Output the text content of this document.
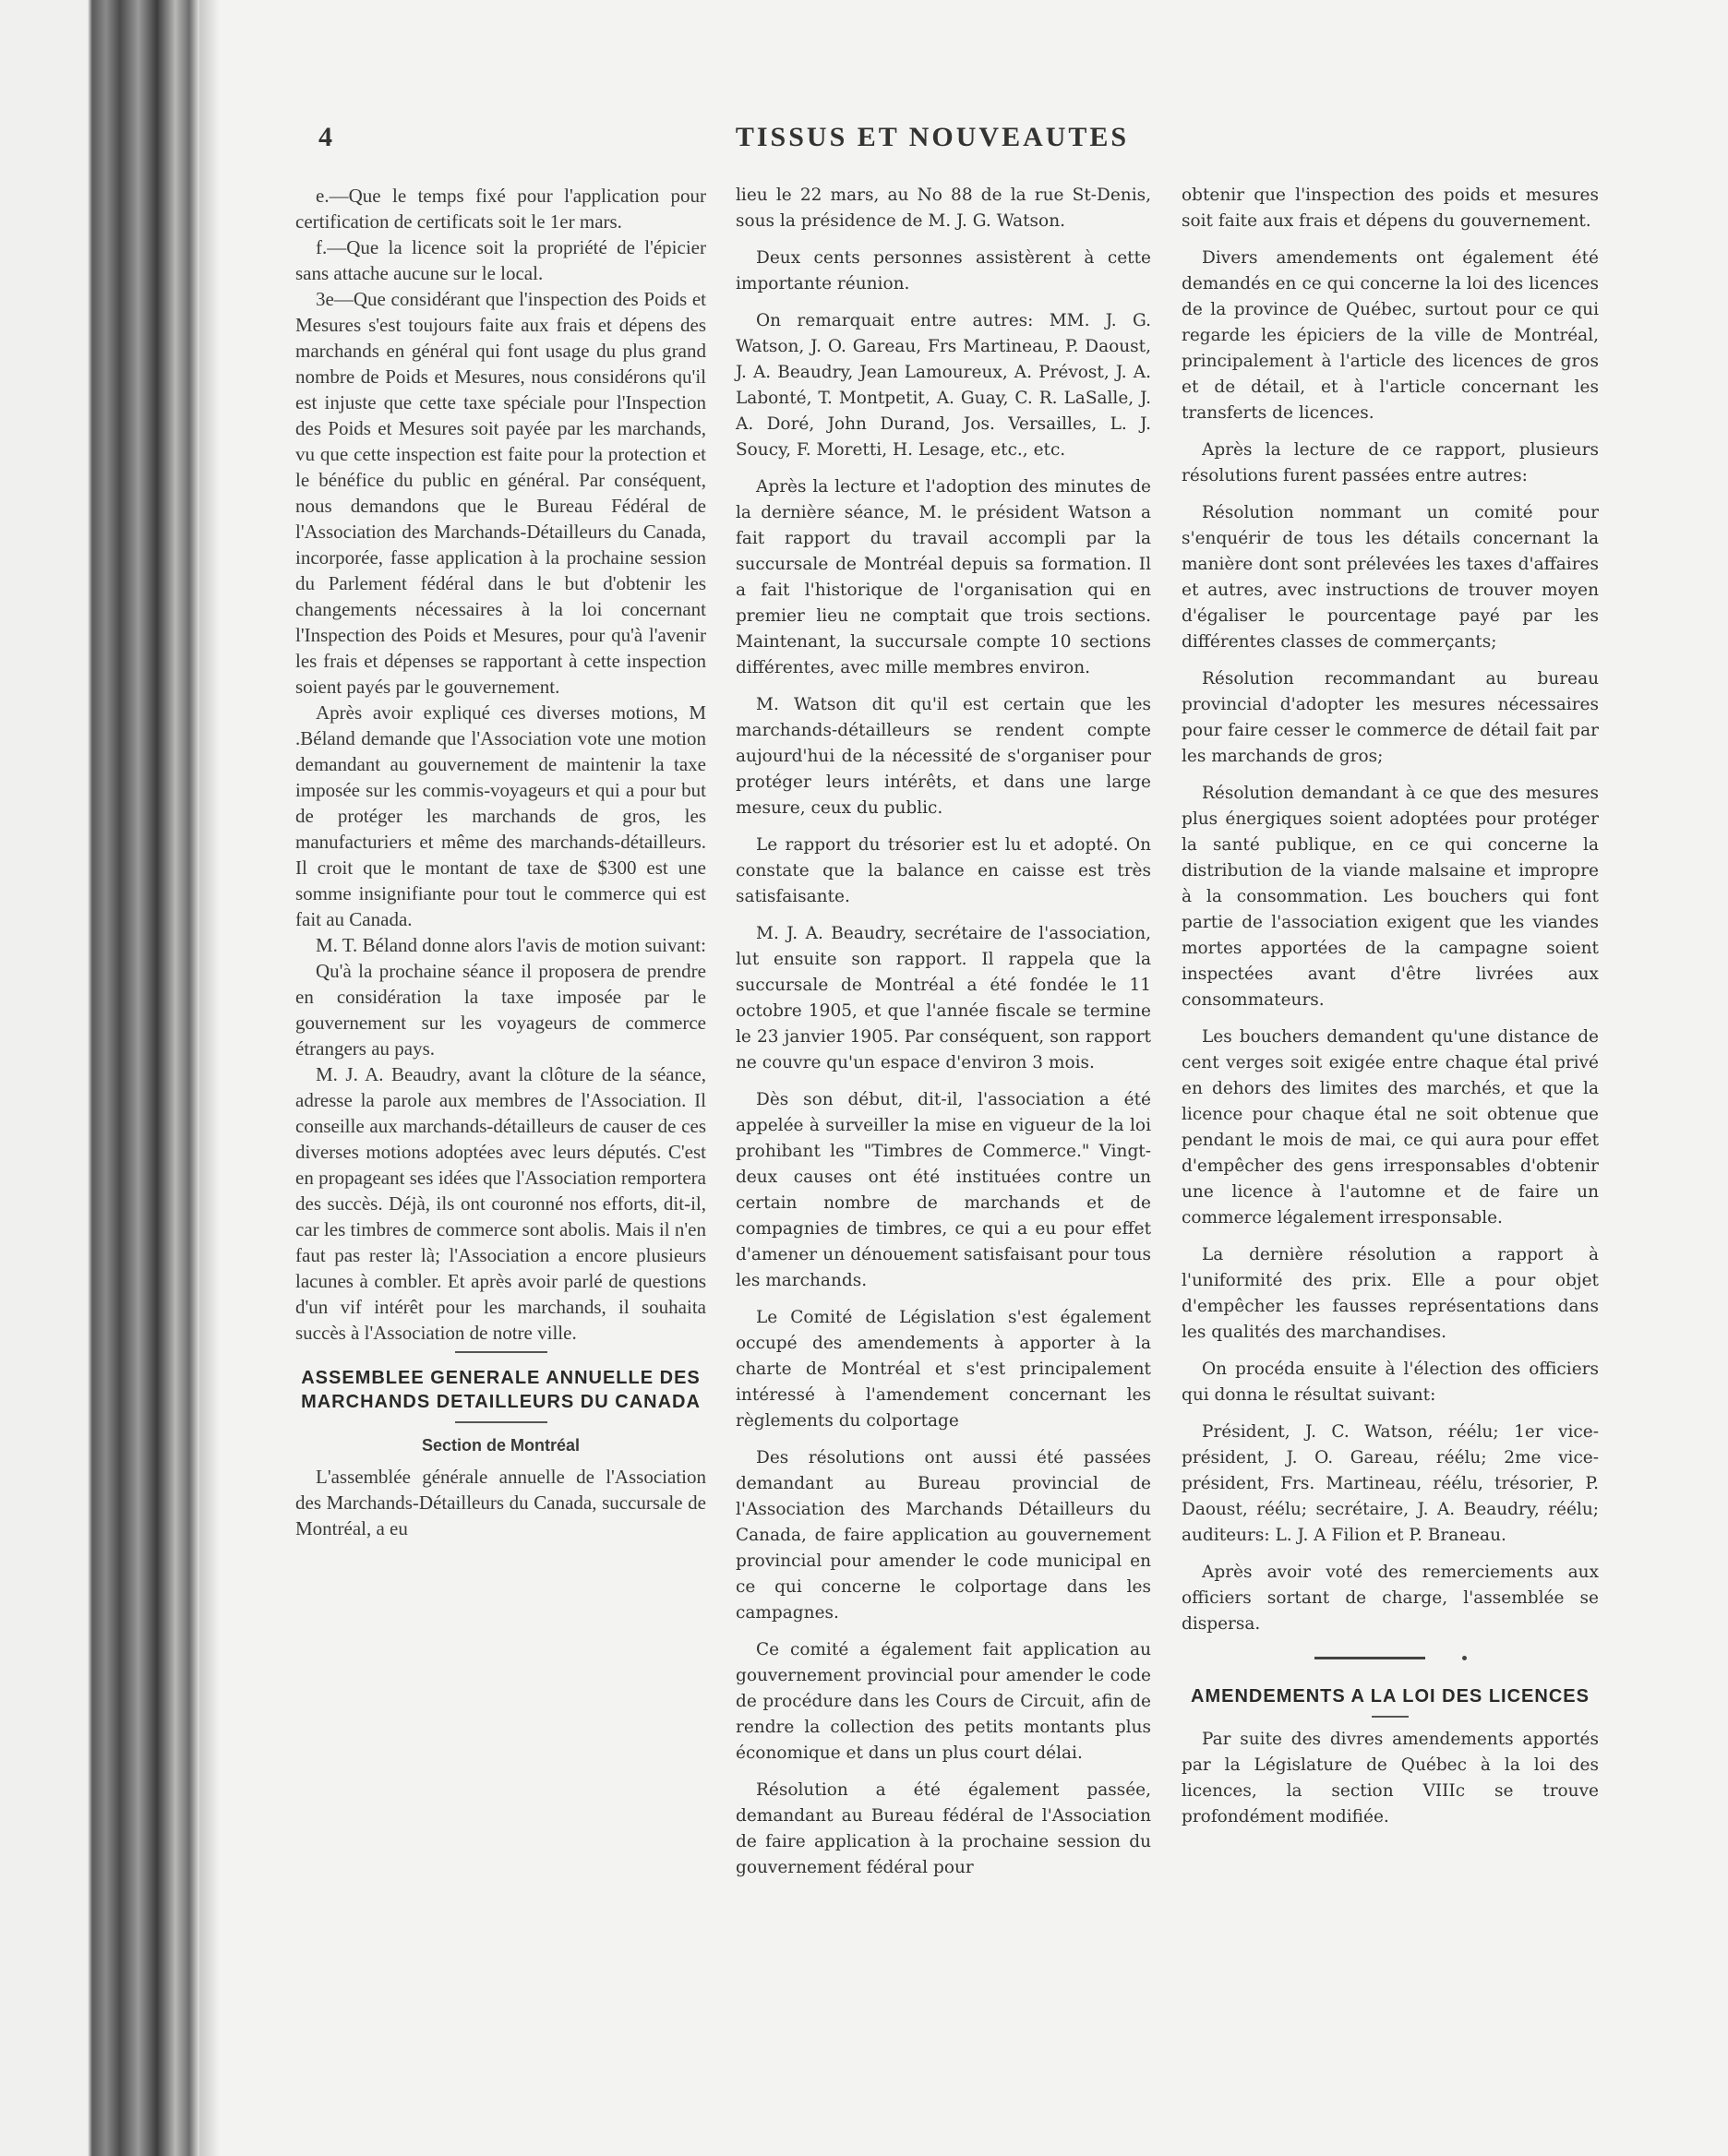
4	TISSUS ET NOUVEAUTES

e.—Que le temps fixé pour l'application pour certification de certificats soit le 1er mars.

f.—Que la licence soit la propriété de l'épicier sans attache aucune sur le local.

3e—Que considérant que l'inspection des Poids et Mesures s'est toujours faite aux frais et dépens des marchands en général qui font usage du plus grand nombre de Poids et Mesures, nous considérons qu'il est injuste que cette taxe spéciale pour l'Inspection des Poids et Mesures soit payée par les marchands, vu que cette inspection est faite pour la protection et le bénéfice du public en général. Par conséquent, nous demandons que le Bureau Fédéral de l'Association des Marchands-Détailleurs du Canada, incorporée, fasse application à la prochaine session du Parlement fédéral dans le but d'obtenir les changements nécessaires à la loi concernant l'Inspection des Poids et Mesures, pour qu'à l'avenir les frais et dépenses se rapportant à cette inspection soient payés par le gouvernement.

Après avoir expliqué ces diverses motions, M .Béland demande que l'Association vote une motion demandant au gouvernement de maintenir la taxe imposée sur les commis-voyageurs et qui a pour but de protéger les marchands de gros, les manufacturiers et même des marchands-détailleurs. Il croit que le montant de taxe de $300 est une somme insignifiante pour tout le commerce qui est fait au Canada.

M. T. Béland donne alors l'avis de motion suivant:

Qu'à la prochaine séance il proposera de prendre en considération la taxe imposée par le gouvernement sur les voyageurs de commerce étrangers au pays.

M. J. A. Beaudry, avant la clôture de la séance, adresse la parole aux membres de l'Association. Il conseille aux marchands-détailleurs de causer de ces diverses motions adoptées avec leurs députés. C'est en propageant ses idées que l'Association remportera des succès. Déjà, ils ont couronné nos efforts, dit-il, car les timbres de commerce sont abolis. Mais il n'en faut pas rester là; l'Association a encore plusieurs lacunes à combler. Et après avoir parlé de questions d'un vif intérêt pour les marchands, il souhaita succès à l'Association de notre ville.

ASSEMBLEE GENERALE ANNUELLE DES MARCHANDS DETAILLEURS DU CANADA
Section de Montréal

L'assemblée générale annuelle de l'Association des Marchands-Détailleurs du Canada, succursale de Montréal, a eu

lieu le 22 mars, au No 88 de la rue St-Denis, sous la présidence de M. J. G. Watson.

Deux cents personnes assistèrent à cette importante réunion.

On remarquait entre autres: MM. J. G. Watson, J. O. Gareau, Frs Martineau, P. Daoust, J. A. Beaudry, Jean Lamoureux, A. Prévost, J. A. Labonté, T. Montpetit, A. Guay, C. R. LaSalle, J. A. Doré, John Durand, Jos. Versailles, L. J. Soucy, F. Moretti, H. Lesage, etc., etc.

Après la lecture et l'adoption des minutes de la dernière séance, M. le président Watson a fait rapport du travail accompli par la succursale de Montréal depuis sa formation. Il a fait l'historique de l'organisation qui en premier lieu ne comptait que trois sections. Maintenant, la succursale compte 10 sections différentes, avec mille membres environ.

M. Watson dit qu'il est certain que les marchands-détailleurs se rendent compte aujourd'hui de la nécessité de s'organiser pour protéger leurs intérêts, et dans une large mesure, ceux du public.

Le rapport du trésorier est lu et adopté. On constate que la balance en caisse est très satisfaisante.

M. J. A. Beaudry, secrétaire de l'association, lut ensuite son rapport. Il rappela que la succursale de Montréal a été fondée le 11 octobre 1905, et que l'année fiscale se termine le 23 janvier 1905. Par conséquent, son rapport ne couvre qu'un espace d'environ 3 mois.

Dès son début, dit-il, l'association a été appelée à surveiller la mise en vigueur de la loi prohibant les "Timbres de Commerce." Vingt-deux causes ont été instituées contre un certain nombre de marchands et de compagnies de timbres, ce qui a eu pour effet d'amener un dénouement satisfaisant pour tous les marchands.

Le Comité de Législation s'est également occupé des amendements à apporter à la charte de Montréal et s'est principalement intéressé à l'amendement concernant les règlements du colportage

Des résolutions ont aussi été passées demandant au Bureau provincial de l'Association des Marchands Détailleurs du Canada, de faire application au gouvernement provincial pour amender le code municipal en ce qui concerne le colportage dans les campagnes.

Ce comité a également fait application au gouvernement provincial pour amender le code de procédure dans les Cours de Circuit, afin de rendre la collection des petits montants plus économique et dans un plus court délai.

Résolution a été également passée, demandant au Bureau fédéral de l'Association de faire application à la prochaine session du gouvernement fédéral pour

obtenir que l'inspection des poids et mesures soit faite aux frais et dépens du gouvernement.

Divers amendements ont également été demandés en ce qui concerne la loi des licences de la province de Québec, surtout pour ce qui regarde les épiciers de la ville de Montréal, principalement à l'article des licences de gros et de détail, et à l'article concernant les transferts de licences.

Après la lecture de ce rapport, plusieurs résolutions furent passées entre autres:

Résolution nommant un comité pour s'enquérir de tous les détails concernant la manière dont sont prélevées les taxes d'affaires et autres, avec instructions de trouver moyen d'égaliser le pourcentage payé par les différentes classes de commerçants;

Résolution recommandant au bureau provincial d'adopter les mesures nécessaires pour faire cesser le commerce de détail fait par les marchands de gros;

Résolution demandant à ce que des mesures plus énergiques soient adoptées pour protéger la santé publique, en ce qui concerne la distribution de la viande malsaine et impropre à la consommation. Les bouchers qui font partie de l'association exigent que les viandes mortes apportées de la campagne soient inspectées avant d'être livrées aux consommateurs.

Les bouchers demandent qu'une distance de cent verges soit exigée entre chaque étal privé en dehors des limites des marchés, et que la licence pour chaque étal ne soit obtenue que pendant le mois de mai, ce qui aura pour effet d'empêcher des gens irresponsables d'obtenir une licence à l'automne et de faire un commerce légalement irresponsable.

La dernière résolution a rapport à l'uniformité des prix. Elle a pour objet d'empêcher les fausses représentations dans les qualités des marchandises.

On procéda ensuite à l'élection des officiers qui donna le résultat suivant:

Président, J. C. Watson, réélu; 1er vice-président, J. O. Gareau, réélu; 2me vice-président, Frs. Martineau, réélu, trésorier, P. Daoust, réélu; secrétaire, J. A. Beaudry, réélu; auditeurs: L. J. A Filion et P. Braneau.

Après avoir voté des remerciements aux officiers sortant de charge, l'assemblée se dispersa.

AMENDEMENTS A LA LOI DES LICENCES

Par suite des divres amendements apportés par la Législature de Québec à la loi des licences, la section VIIIc se trouve profondément modifiée.
